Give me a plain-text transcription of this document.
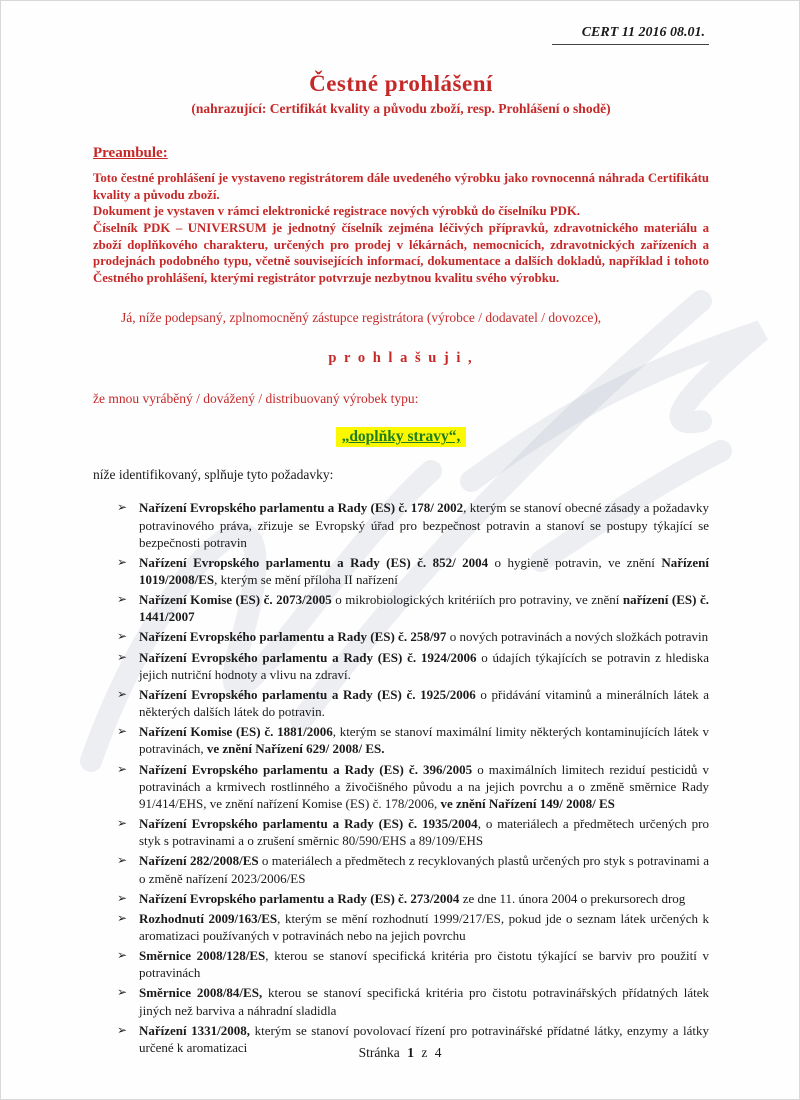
CERT 11 2016 08.01.
Čestné prohlášení
(nahrazující: Certifikát kvality a původu zboží, resp. Prohlášení o shodě)
Preambule:

Toto čestné prohlášení je vystaveno registrátorem dále uvedeného výrobku jako rovnocenná náhrada Certifikátu kvality a původu zboží.

Dokument je vystaven v rámci elektronické registrace nových výrobků do číselníku PDK.

Číselník PDK – UNIVERSUM je jednotný číselník zejména léčivých přípravků, zdravotnického materiálu a zboží doplňkového charakteru, určených pro prodej v lékárnách, nemocnicích, zdravotnických zařízeních a prodejnách podobného typu, včetně souvisejících informací, dokumentace a dalších dokladů, například i tohoto Čestného prohlášení, kterými registrátor potvrzuje nezbytnou kvalitu svého výrobku.

Já, níže podepsaný, zplnomocněný zástupce registrátora (výrobce / dodavatel / dovozce),

p r o h l a š u j i ,

že mnou vyráběný / dovážený / distribuovaný výrobek typu:

„doplňky stravy“,

níže identifikovaný, splňuje tyto požadavky:

➢ Nařízení Evropského parlamentu a Rady (ES) č. 178/ 2002, kterým se stanoví obecné zásady a požadavky potravinového práva, zřizuje se Evropský úřad pro bezpečnost potravin a stanoví se postupy týkající se bezpečnosti potravin
➢ Nařízení Evropského parlamentu a Rady (ES) č. 852/ 2004 o hygieně potravin, ve znění Nařízení 1019/2008/ES, kterým se mění příloha II nařízení
➢ Nařízení Komise (ES) č. 2073/2005 o mikrobiologických kritériích pro potraviny, ve znění nařízení (ES) č. 1441/2007
➢ Nařízení Evropského parlamentu a Rady (ES) č. 258/97 o nových potravinách a nových složkách potravin
➢ Nařízení Evropského parlamentu a Rady (ES) č. 1924/2006 o údajích týkajících se potravin z hlediska jejich nutriční hodnoty a vlivu na zdraví.
➢ Nařízení Evropského parlamentu a Rady (ES) č. 1925/2006 o přidávání vitaminů a minerálních látek a některých dalších látek do potravin.
➢ Nařízení Komise (ES) č. 1881/2006, kterým se stanoví maximální limity některých kontaminujících látek v potravinách, ve znění Nařízení 629/ 2008/ ES.
➢ Nařízení Evropského parlamentu a Rady (ES) č. 396/2005 o maximálních limitech reziduí pesticidů v potravinách a krmivech rostlinného a živočišného původu a na jejich povrchu a o změně směrnice Rady 91/414/EHS, ve znění nařízení Komise (ES) č. 178/2006, ve znění Nařízení 149/ 2008/ ES
➢ Nařízení Evropského parlamentu a Rady (ES) č. 1935/2004, o materiálech a předmětech určených pro styk s potravinami a o zrušení směrnic 80/590/EHS a 89/109/EHS
➢ Nařízení 282/2008/ES o materiálech a předmětech z recyklovaných plastů určených pro styk s potravinami a o změně nařízení 2023/2006/ES
➢ Nařízení Evropského parlamentu a Rady (ES) č. 273/2004 ze dne 11. února 2004 o prekursorech drog
➢ Rozhodnutí 2009/163/ES, kterým se mění rozhodnutí 1999/217/ES, pokud jde o seznam látek určených k aromatizaci používaných v potravinách nebo na jejich povrchu
➢ Směrnice 2008/128/ES, kterou se stanoví specifická kritéria pro čistotu týkající se barviv pro použití v potravinách
➢ Směrnice 2008/84/ES, kterou se stanoví specifická kritéria pro čistotu potravinářských přídatných látek jiných než barviva a náhradní sladidla
➢ Nařízení 1331/2008, kterým se stanoví povolovací řízení pro potravinářské přídatné látky, enzymy a látky určené k aromatizaci	Stránka 1 z 4
